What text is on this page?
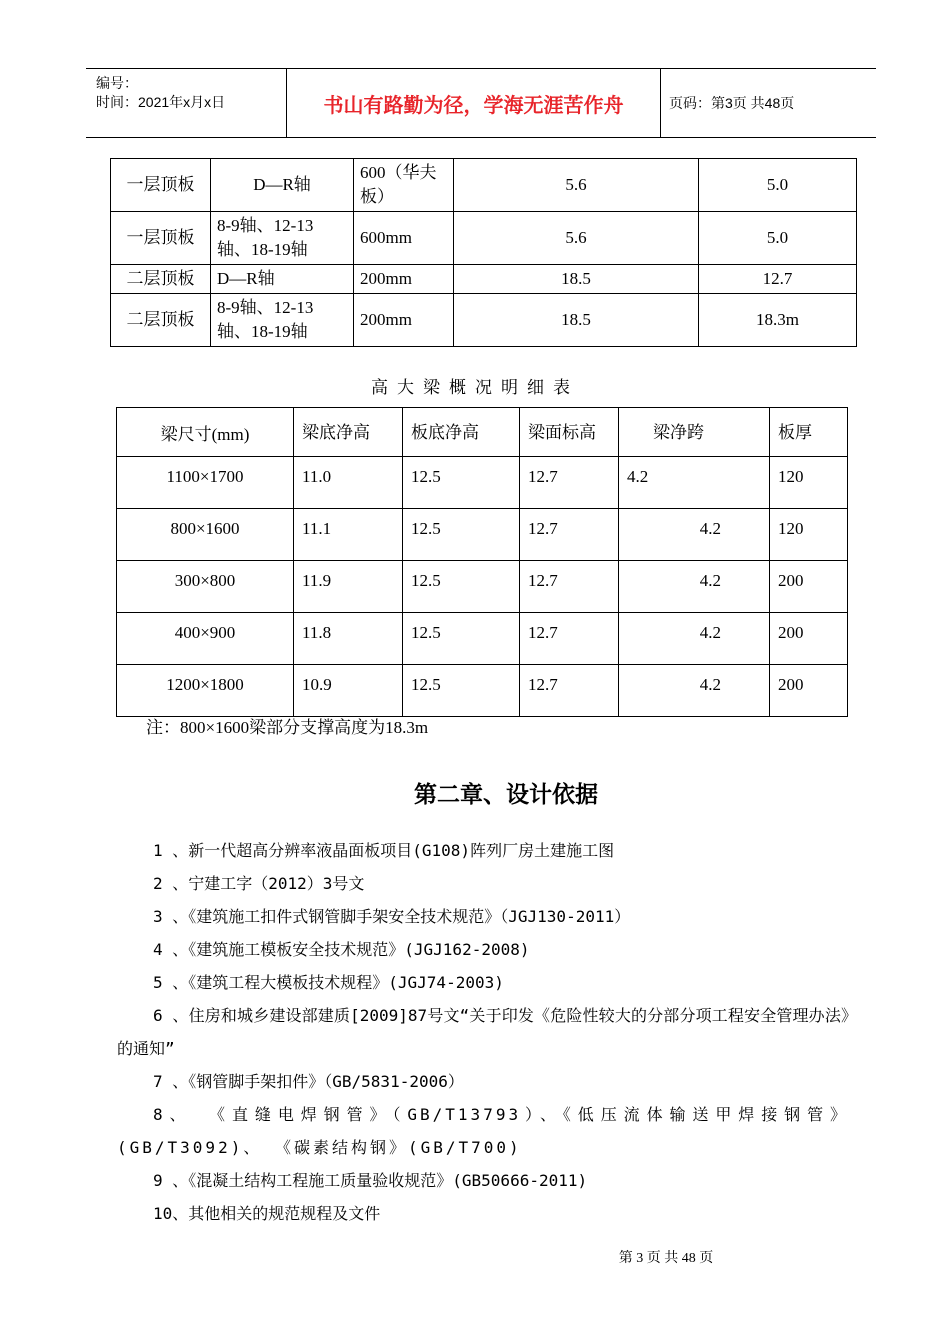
编号：
时间：2021年x月x日	书山有路勤为径，学海无涯苦作舟	页码：第3页 共48页
一层顶板	D—R轴	600（华夫板）	5.6	5.0
一层顶板	8-9轴、12-13轴、18-19轴	600mm	5.6	5.0
二层顶板	D—R轴	200mm	18.5	12.7
二层顶板	8-9轴、12-13轴、18-19轴	200mm	18.5	18.3m
高大梁概况明细表
梁尺寸(mm)	梁底净高	板底净高	梁面标高	梁净跨	板厚
1100×1700	11.0	12.5	12.7	4.2	120
800×1600	11.1	12.5	12.7	4.2	120
300×800	11.9	12.5	12.7	4.2	200
400×900	11.8	12.5	12.7	4.2	200
1200×1800	10.9	12.5	12.7	4.2	200
注：800×1600梁部分支撑高度为18.3m
第二章、设计依据

1 、新一代超高分辨率液晶面板项目(G108)阵列厂房土建施工图

2 、宁建工字（2012）3号文

3 、《建筑施工扣件式钢管脚手架安全技术规范》（JGJ130-2011）

4 、《建筑施工模板安全技术规范》(JGJ162-2008)

5 、《建筑工程大模板技术规程》(JGJ74-2003)

6 、住房和城乡建设部建质[2009]87号文“关于印发《危险性较大的分部分项工程安全管理办法》的通知”

7 、《钢管脚手架扣件》（GB/5831-2006）

8、 《直缝电焊钢管》（GB/T13793）、《低压流体输送甲焊接钢管》(GB/T3092)、 《碳素结构钢》(GB/T700)

9 、《混凝土结构工程施工质量验收规范》(GB50666-2011)

10、其他相关的规范规程及文件

第 3 页 共 48 页
